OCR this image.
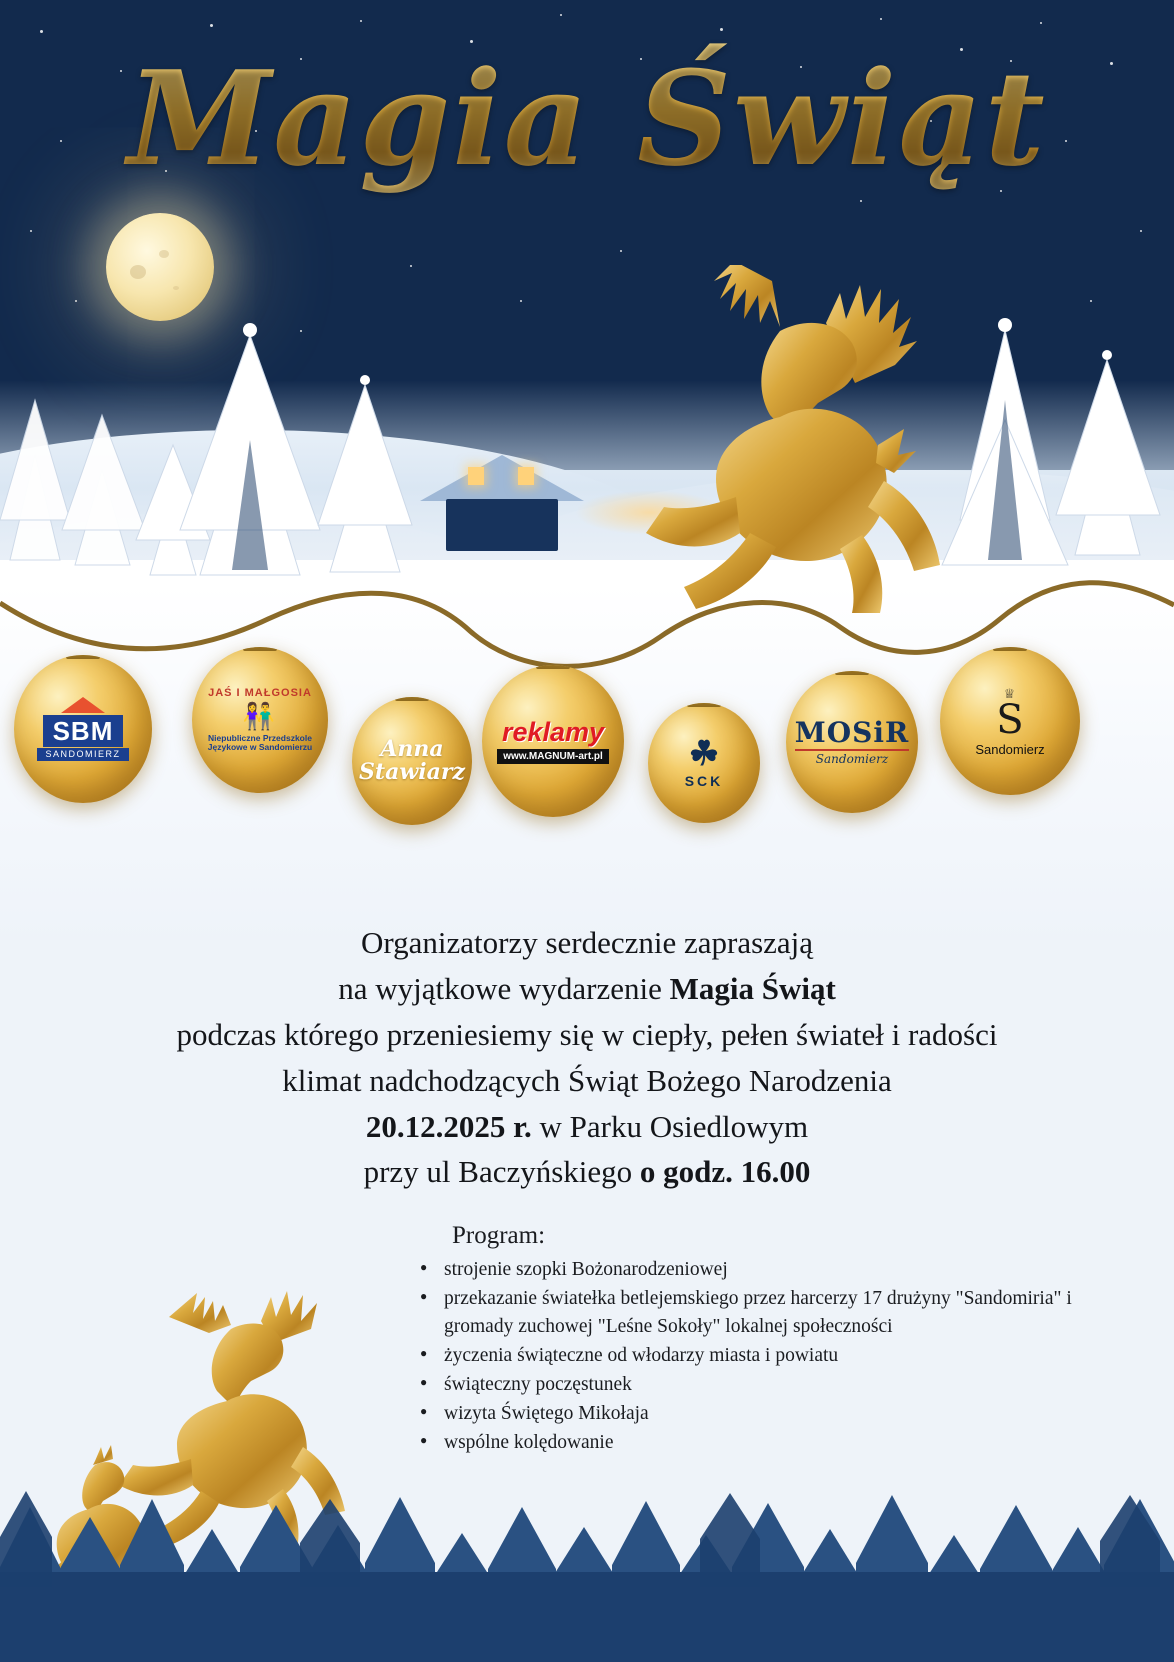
Magia Świąt
SBM
SANDOMIERZ
JAŚ I MAŁGOSIA
👫
Niepubliczne Przedszkole Językowe w Sandomierzu	Anna
Stawiarz
reklamy
www.MAGNUM-art.pl	☘
SCK
MOSiR
Sandomierz
♕
S
Sandomierz
Organizatorzy serdecznie zapraszają
na wyjątkowe wydarzenie Magia Świąt
podczas którego przeniesiemy się w ciepły, pełen świateł i radości
klimat nadchodzących Świąt Bożego Narodzenia
20.12.2025 r. w Parku Osiedlowym
przy ul Baczyńskiego o godz. 16.00
Program:
● strojenie szopki Bożonarodzeniowej
● przekazanie światełka betlejemskiego przez harcerzy 17 drużyny "Sandomiria" i gromady zuchowej "Leśne Sokoły" lokalnej społeczności
● życzenia świąteczne od włodarzy miasta i powiatu
● świąteczny poczęstunek
● wizyta Świętego Mikołaja
● wspólne kolędowanie
